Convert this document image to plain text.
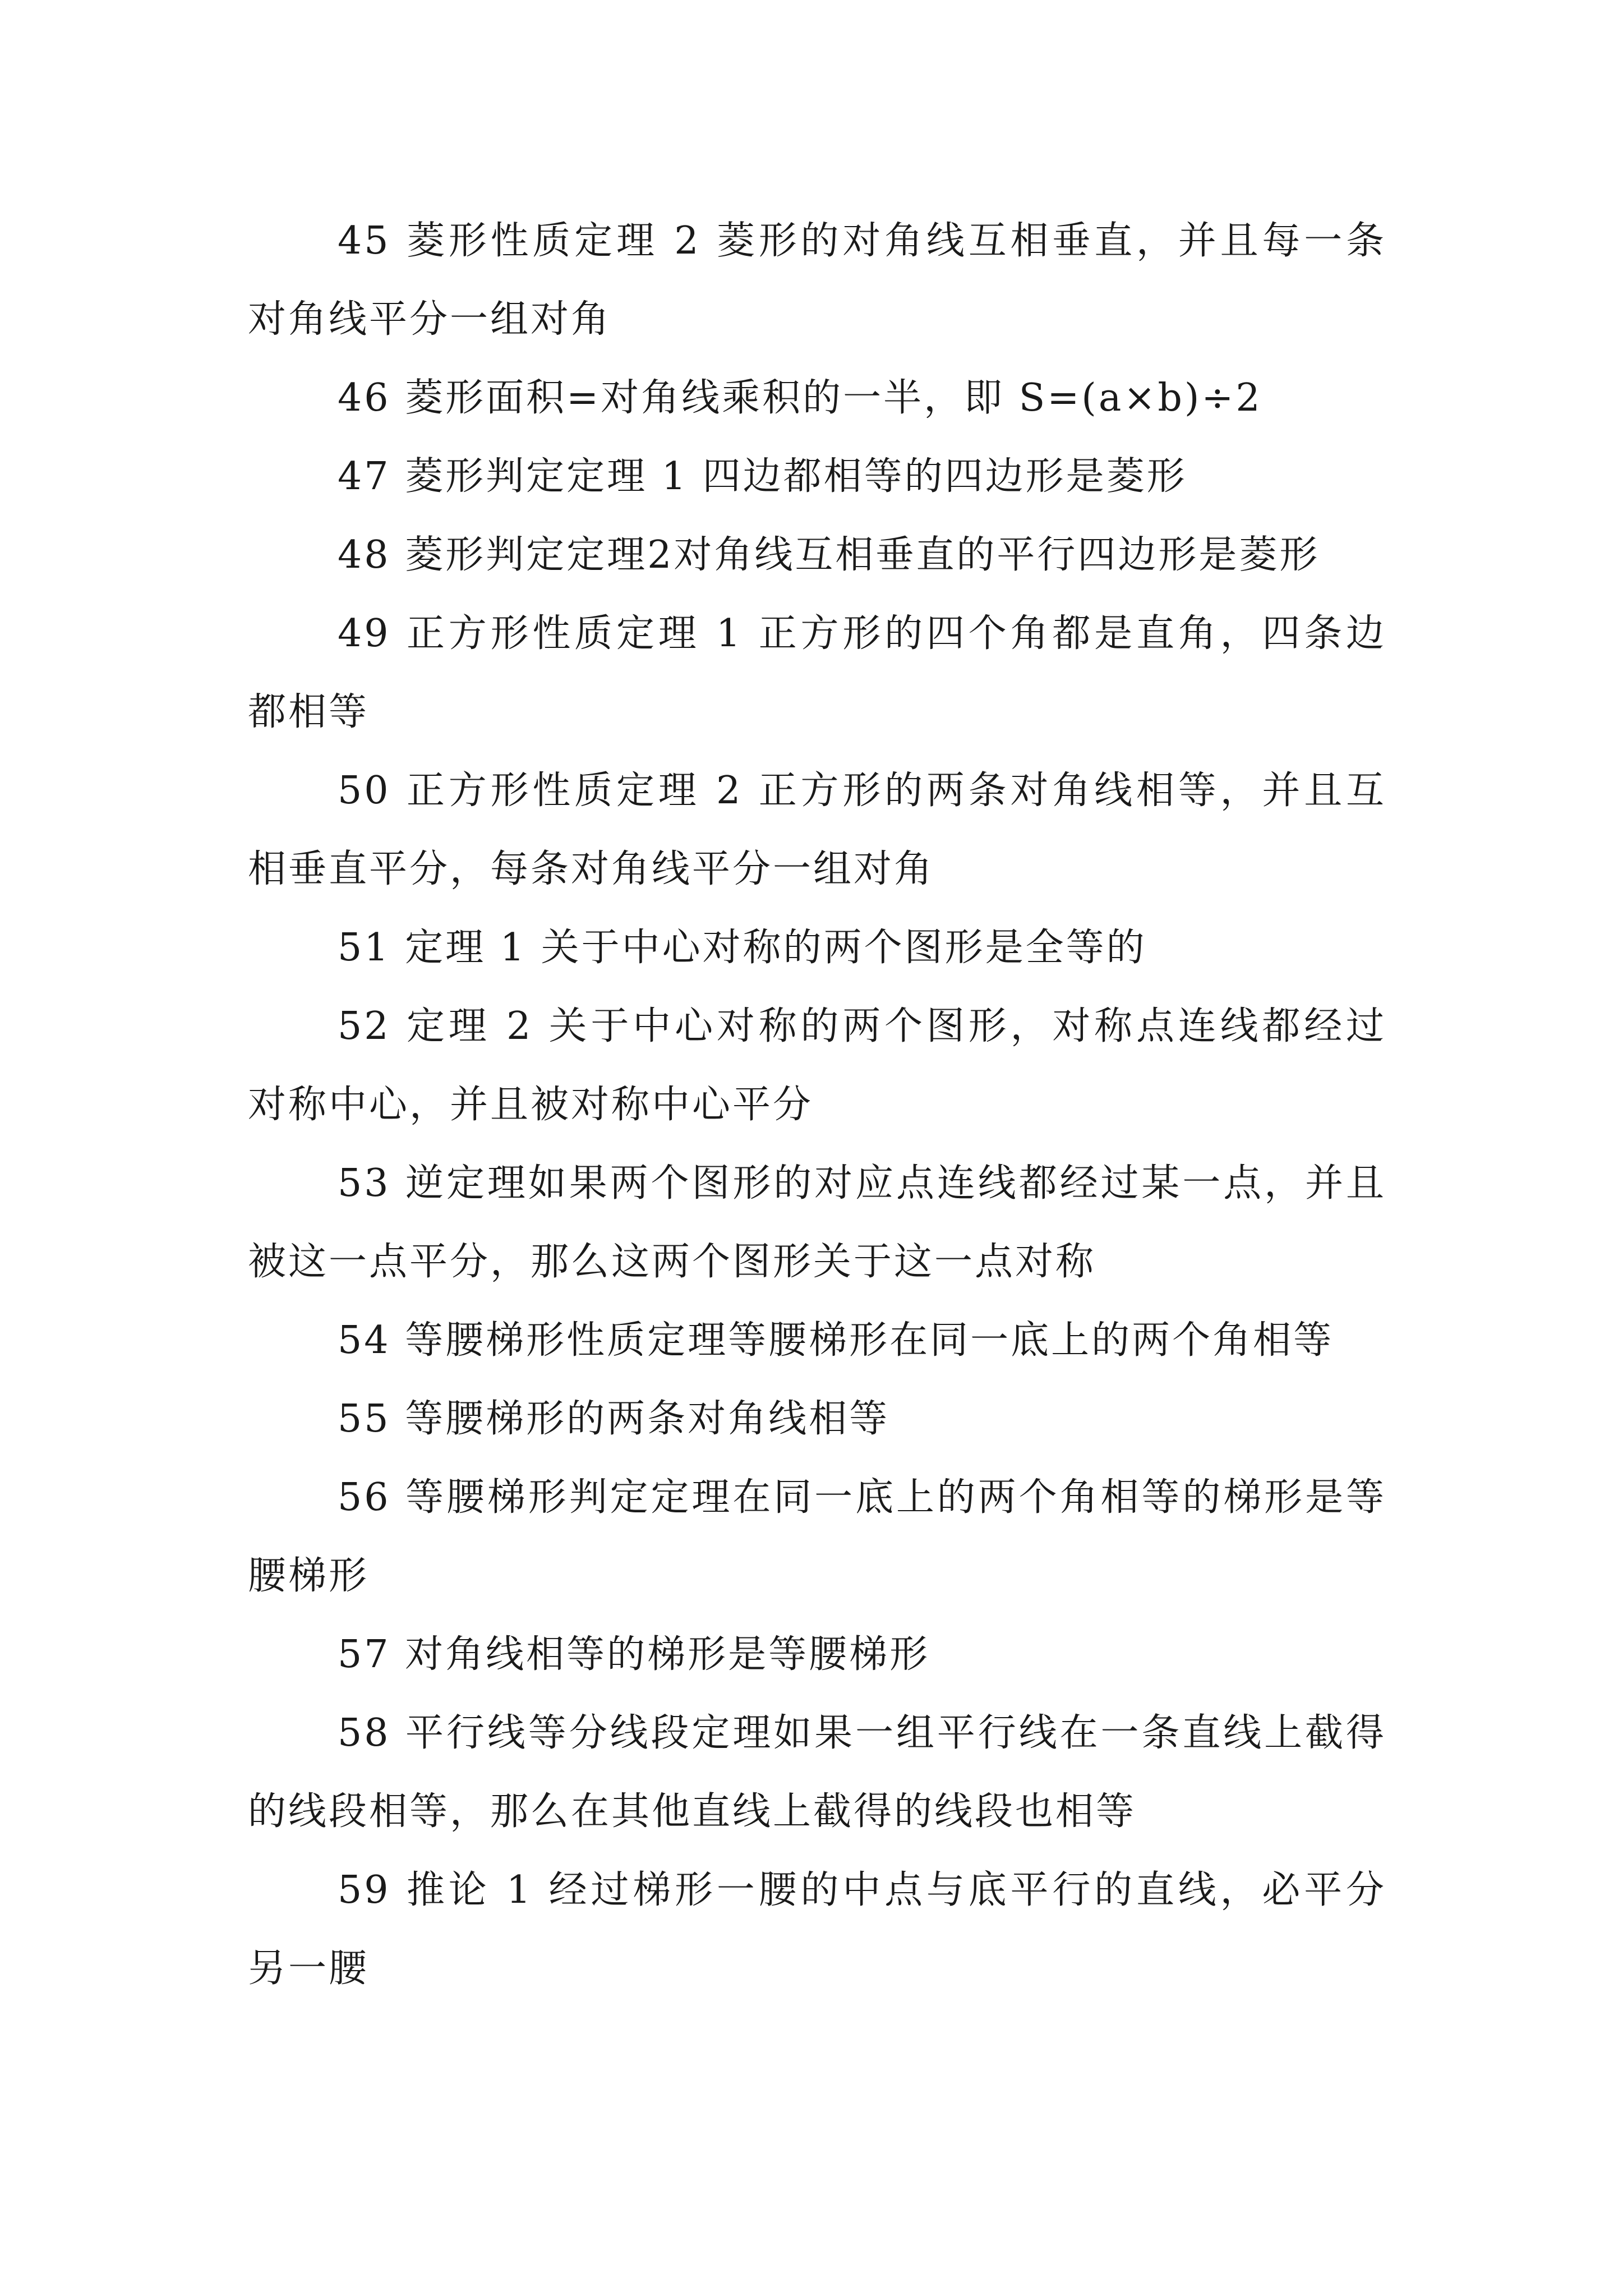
45 菱形性质定理 2 菱形的对角线互相垂直，并且每一条对角线平分一组对角

46 菱形面积=对角线乘积的一半，即 S=(a×b)÷2

47 菱形判定定理 1 四边都相等的四边形是菱形

48 菱形判定定理2对角线互相垂直的平行四边形是菱形

49 正方形性质定理 1 正方形的四个角都是直角，四条边都相等

50 正方形性质定理 2 正方形的两条对角线相等，并且互相垂直平分，每条对角线平分一组对角

51 定理 1 关于中心对称的两个图形是全等的

52 定理 2 关于中心对称的两个图形，对称点连线都经过对称中心，并且被对称中心平分

53 逆定理如果两个图形的对应点连线都经过某一点，并且被这一点平分，那么这两个图形关于这一点对称

54 等腰梯形性质定理等腰梯形在同一底上的两个角相等

55 等腰梯形的两条对角线相等

56 等腰梯形判定定理在同一底上的两个角相等的梯形是等腰梯形

57 对角线相等的梯形是等腰梯形

58 平行线等分线段定理如果一组平行线在一条直线上截得的线段相等，那么在其他直线上截得的线段也相等

59 推论 1 经过梯形一腰的中点与底平行的直线，必平分另一腰
